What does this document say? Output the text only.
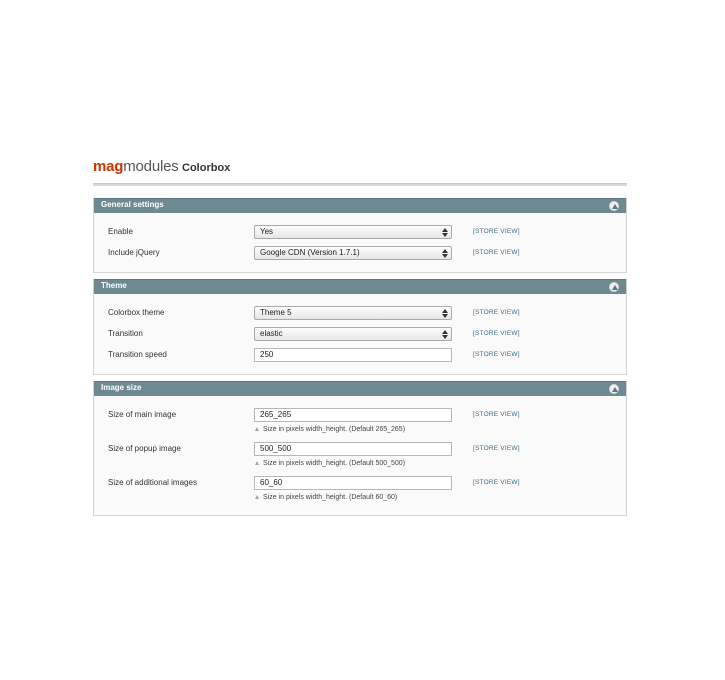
magmodules Colorbox
General settings
Enable	Yes	[STORE VIEW]
Include jQuery	Google CDN (Version 1.7.1)	[STORE VIEW]
Theme
Colorbox theme	Theme 5	[STORE VIEW]
Transition	elastic	[STORE VIEW]
Transition speed	250	[STORE VIEW]
Image size
Size of main image	265_265	[STORE VIEW]
Size in pixels width_height. (Default 265_265)
Size of popup image	500_500	[STORE VIEW]
Size in pixels width_height. (Default 500_500)
Size of additional images	60_60	[STORE VIEW]
Size in pixels width_height. (Default 60_60)
